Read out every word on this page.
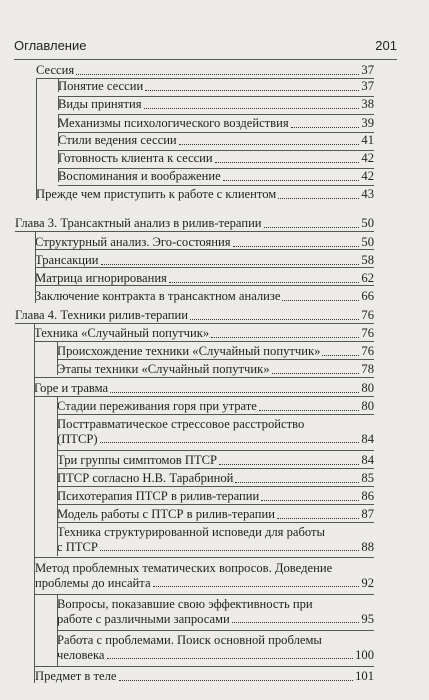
Оглавление	201
Сессия	37
Понятие сессии	37
Виды принятия	38
Механизмы психологического воздействия	39
Стили ведения сессии	41
Готовность клиента к сессии	42
Воспоминания и воображение	42
Прежде чем приступить к работе с клиентом	43
Глава 3. Трансактный анализ в рилив-терапии	50
Структурный анализ. Эго-состояния	50
Трансакции	58
Матрица игнорирования	62
Заключение контракта в трансактном анализе	66
Глава 4. Техники рилив-терапии	76
Техника «Случайный попутчик»	76
Происхождение техники «Случайный попутчик»	76
Этапы техники «Случайный попутчик»	78
Горе и травма	80
Стадии переживания горя при утрате	80
Посттравматическое стрессовое расстройство
(ПТСР)	84
Три группы симптомов ПТСР	84
ПТСР согласно Н.В. Тарабриной	85
Психотерапия ПТСР в рилив-терапии	86
Модель работы с ПТСР в рилив-терапии	87
Техника структурированной исповеди для работы
с ПТСР	88
Метод проблемных тематических вопросов. Доведение
проблемы до инсайта	92
Вопросы, показавшие свою эффективность при
работе с различными запросами	95
Работа с проблемами. Поиск основной проблемы
человека	100
Предмет в теле	101
